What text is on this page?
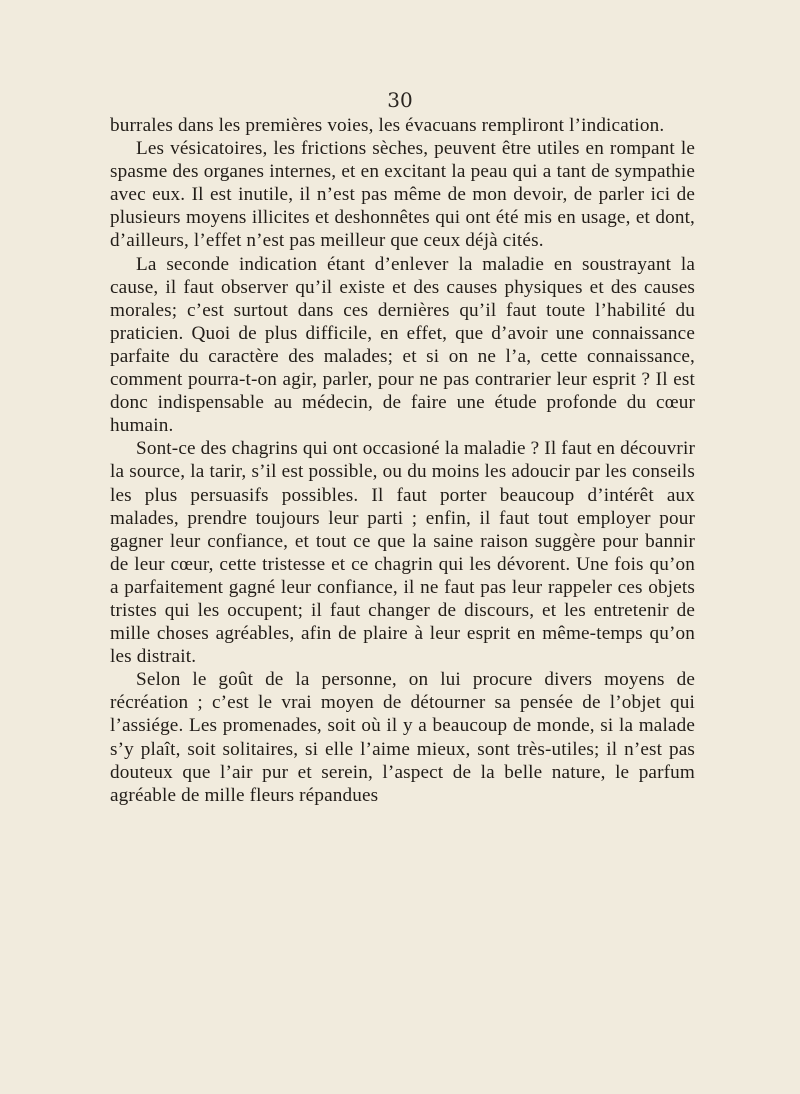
30

burrales dans les premières voies, les évacuans rempliront l’indication.

Les vésicatoires, les frictions sèches, peuvent être utiles en rompant le spasme des organes internes, et en excitant la peau qui a tant de sympathie avec eux. Il est inutile, il n’est pas même de mon devoir, de parler ici de plusieurs moyens illicites et deshonnêtes qui ont été mis en usage, et dont, d’ailleurs, l’effet n’est pas meilleur que ceux déjà cités.

La seconde indication étant d’enlever la maladie en soustrayant la cause, il faut observer qu’il existe et des causes physiques et des causes morales; c’est surtout dans ces dernières qu’il faut toute l’habilité du praticien. Quoi de plus difficile, en effet, que d’avoir une connaissance parfaite du caractère des malades; et si on ne l’a, cette connaissance, comment pourra-t-on agir, parler, pour ne pas contrarier leur esprit ? Il est donc indispensable au médecin, de faire une étude profonde du cœur humain.

Sont-ce des chagrins qui ont occasioné la maladie ? Il faut en découvrir la source, la tarir, s’il est possible, ou du moins les adoucir par les conseils les plus persuasifs possibles. Il faut porter beaucoup d’intérêt aux malades, prendre toujours leur parti ; enfin, il faut tout employer pour gagner leur confiance, et tout ce que la saine raison suggère pour bannir de leur cœur, cette tristesse et ce chagrin qui les dévorent. Une fois qu’on a parfaitement gagné leur confiance, il ne faut pas leur rappeler ces objets tristes qui les occupent; il faut changer de discours, et les entretenir de mille choses agréables, afin de plaire à leur esprit en même-temps qu’on les distrait.

Selon le goût de la personne, on lui procure divers moyens de récréation ; c’est le vrai moyen de détourner sa pensée de l’objet qui l’assiége. Les promenades, soit où il y a beaucoup de monde, si la malade s’y plaît, soit solitaires, si elle l’aime mieux, sont très-utiles; il n’est pas douteux que l’air pur et serein, l’aspect de la belle nature, le parfum agréable de mille fleurs répandues
